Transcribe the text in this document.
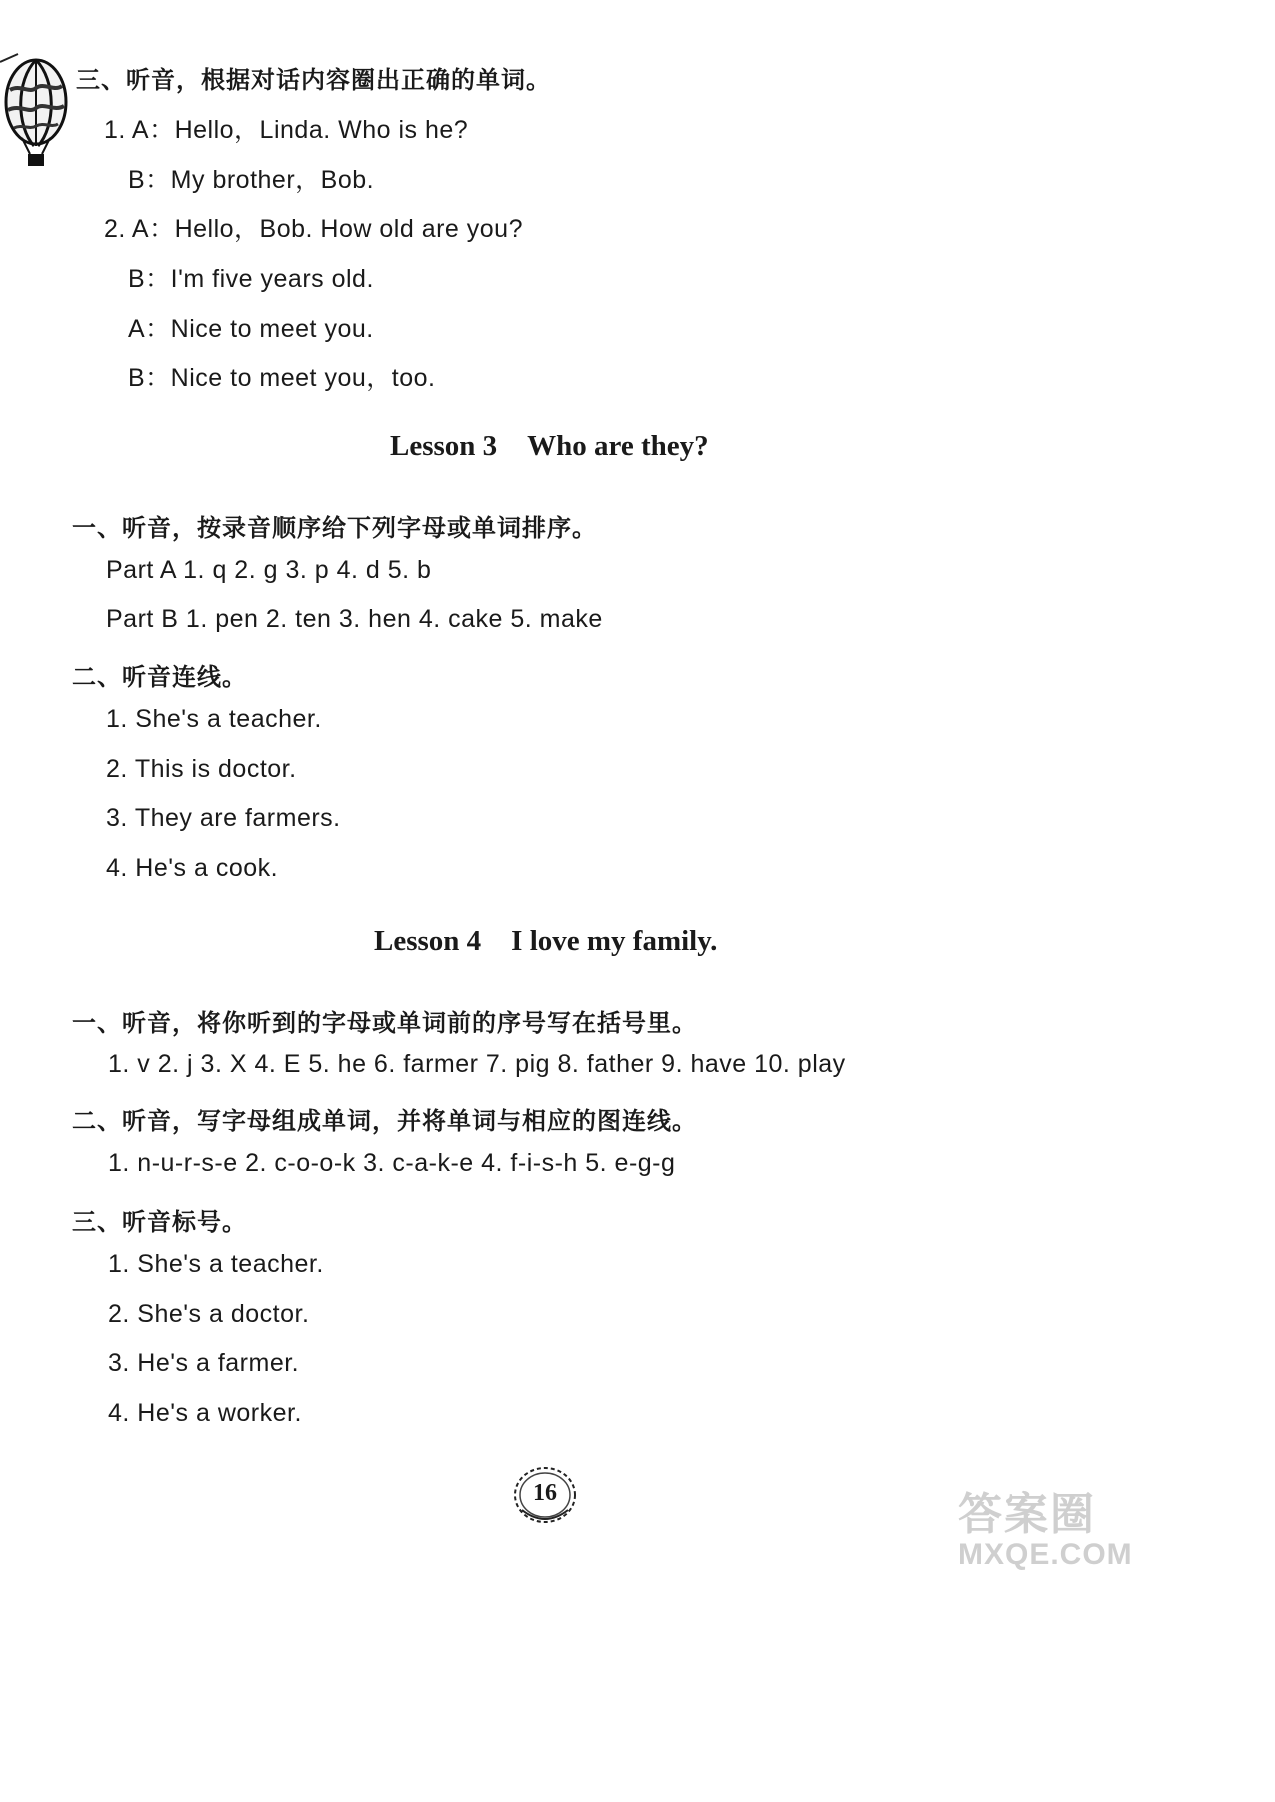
三、听音，根据对话内容圈出正确的单词。
1. A：Hello，Linda. Who is he?
B：My brother，Bob.
2. A：Hello，Bob. How old are you?
B：I'm five years old.
A：Nice to meet you.
B：Nice to meet you，too.
Lesson 3 Who are they?
一、听音，按录音顺序给下列字母或单词排序。
Part A 1. q 2. g 3. p 4. d 5. b
Part B 1. pen 2. ten 3. hen 4. cake 5. make
二、听音连线。
1. She's a teacher.
2. This is doctor.
3. They are farmers.
4. He's a cook.
Lesson 4 I love my family.
一、听音，将你听到的字母或单词前的序号写在括号里。
1. v 2. j 3. X 4. E 5. he 6. farmer 7. pig 8. father 9. have 10. play
二、听音，写字母组成单词，并将单词与相应的图连线。
1. n-u-r-s-e 2. c-o-o-k 3. c-a-k-e 4. f-i-s-h 5. e-g-g
三、听音标号。
1. She's a teacher.
2. She's a doctor.
3. He's a farmer.
4. He's a worker.
16	答案圈
MXQE.COM
